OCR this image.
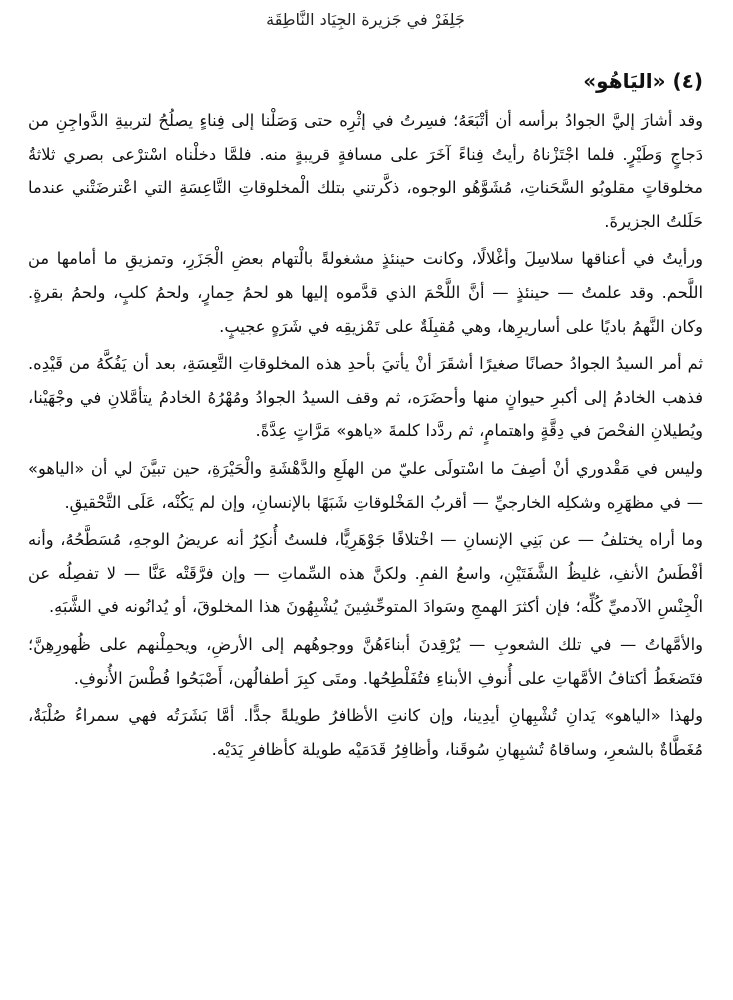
جَلِفَرْ في جَزيرة الجِيَاد النَّاطِقَة
(٤) «اليَاهُو»

وقد أشارَ إليَّ الجوادُ برأسه أن أتْبَعَهُ؛ فسِرتُ في إثْرِه حتى وَصَلْنا إلى فِناءٍ يصلُحُ لتربيةِ الدَّواجِنِ من دَجاجٍ وَطَيْرٍ. فلما اجْتَزْناهُ رأيتُ فِناءً آخَرَ على مسافةٍ قريبةٍ منه. فلمَّا دخلْناه اسْترْعى بصري ثلاثةُ مخلوقاتٍ مقلوبُو السَّحَناتِ، مُشَوَّهُو الوجوه، ذكَّرتني بتلك الْمخلوقاتِ التَّاعِسَةِ التي اعْترضَتْني عندما حَلَلتُ الجزيرةَ.

ورأيتُ في أعناقها سلاسِلَ وأغْلالًا، وكانت حينئذٍ مشغولةً بالْتهام بعضِ الْجَزَرِ، وتمزيقِ ما أمامها من اللَّحم. وقد علمتُ — حينئذٍ — أنَّ اللَّحْمَ الذي قدَّموه إليها هو لحمُ حِمارٍ، ولحمُ كلبٍ، ولحمُ بقرةٍ. وكان النَّهمُ باديًا على أساريرِها، وهي مُقبِلَةٌ على تَمْزيقِه في شَرَهٍ عجيبٍ.

ثم أمر السيدُ الجوادُ حصانًا صغيرًا أشقَرَ أنْ يأتيَ بأحدِ هذه المخلوقاتِ التَّعِسَةِ، بعد أن يَفُكَّهُ من قَيْدِه. فذهب الخادمُ إلى أكبرِ حيوانٍ منها وأحضَرَه، ثم وقف السيدُ الجوادُ ومُهْرُهُ الخادمُ يتأمَّلانِ في وجْهَيْنا، ويُطيلانِ الفحْصَ في دِقَّةٍ واهتمامٍ، ثم ردَّدا كلمةَ «ياهو» مَرَّاتٍ عِدَّةً.

وليس في مَقْدوري أنْ أصِفَ ما اسْتولَى عليّ من الهلَعِ والدَّهْشَةِ والْحَيْرَةِ، حين تبيَّنَ لي أن «الياهو» — في مظهَرِه وشكلِه الخارجيِّ — أقربُ المَخْلوقاتِ شَبَهًا بالإنسانِ، وإن لم يَكُنْه، عَلَى التَّحْقيقِ.

وما أراه يختلفُ — عن بَنِي الإنسانِ — اخْتلافًا جَوْهَرِيًّا، فلستُ أُنكِرُ أنه عريضُ الوجهِ، مُسَطَّحُهُ، وأنه أفْطَسُ الأنفِ، غليظُ الشَّفَتَيْنِ، واسعُ الفمِ. ولكنَّ هذه السِّماتِ — وإن فرَّقَتْه عَنَّا — لا تفصِلُه عن الْجِنْسِ الآدميِّ كُلِّه؛ فإن أكثرَ الهمجِ وسَوادَ المتوحِّشِينَ يُشْبِهُونَ هذا المخلوقَ، أو يُدانُونه في الشَّبَهِ.

والأمَّهاتُ — في تلك الشعوبِ — يُرْقِدنَ أبناءَهُنَّ ووجوهُهم إلى الأرضِ، ويحمِلْنهم على ظُهورِهِنَّ؛ فتَضغَطُ أكتافُ الأمَّهاتِ على أُنوفِ الأبناءِ فتُفَلْطِحُها. ومتَى كبِرَ أطفالُهن، أَصْبَحُوا فُطْسَ الأُنوفِ.

ولهذا «الياهو» يَدانِ تُشْبِهانِ أيدِينا، وإن كانتِ الأظافرُ طويلةً جدًّا. أمَّا بَشَرَتُه فهي سمراءُ صُلْبَةٌ، مُغَطَّاةٌ بالشعرِ، وساقاهُ تُشبِهانِ سُوقَنا، وأظافِرُ قَدَمَيْه طويلة كأظافرِ يَدَيْه.
